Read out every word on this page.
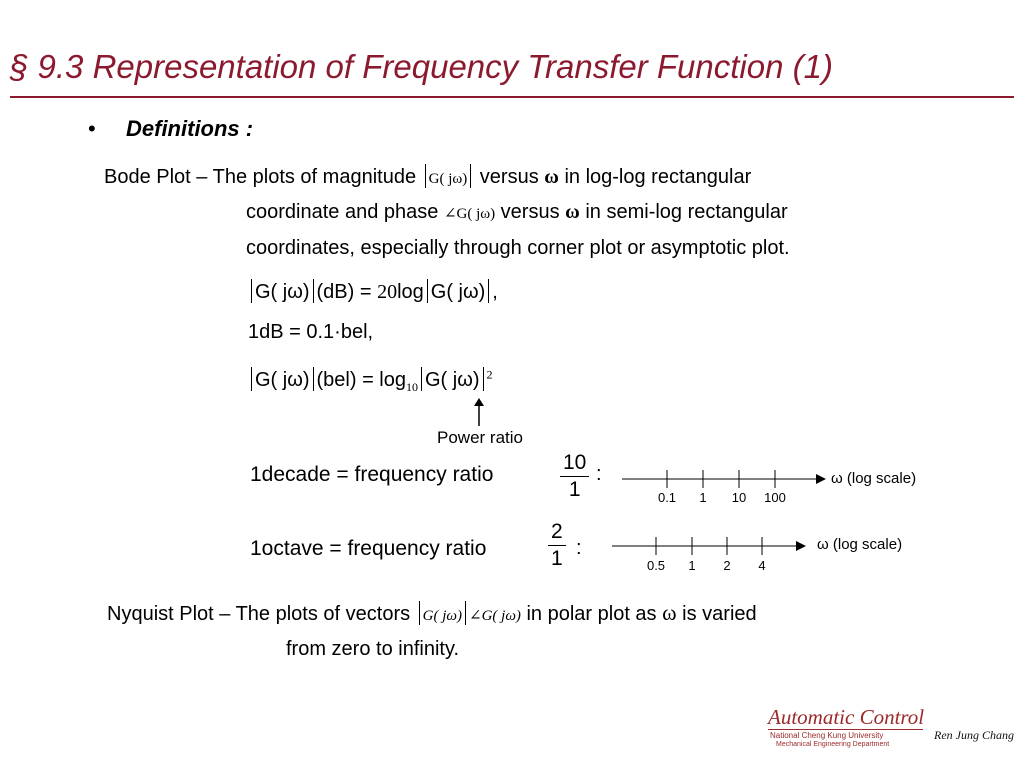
§ 9.3 Representation of Frequency Transfer Function (1)
• Definitions :
Bode Plot – The plots of magnitude G( jω) versus ω in log-log rectangular
coordinate and phase ∠G( jω) versus ω in semi-log rectangular
coordinates, especially through corner plot or asymptotic plot.
G( jω) (dB) = 20log G( jω) ,
1dB = 0.1·bel,
G( jω) $(bel) = \log_{10} G$( jω) $^2$
Power ratio
1decade = frequency ratio	$\frac{10}{1}$ :
0.1 1 10 100
ω (log scale)
1octave = frequency ratio	$\frac{2}{1}$ :
0.5 1 2 4
ω (log scale)
Nyquist Plot – The plots of vectors G( jω) ∠G( jω) in polar plot as ω is varied
from zero to infinity.
Automatic Control
National Cheng Kung University
Mechanical Engineering Department
Ren Jung Chang
